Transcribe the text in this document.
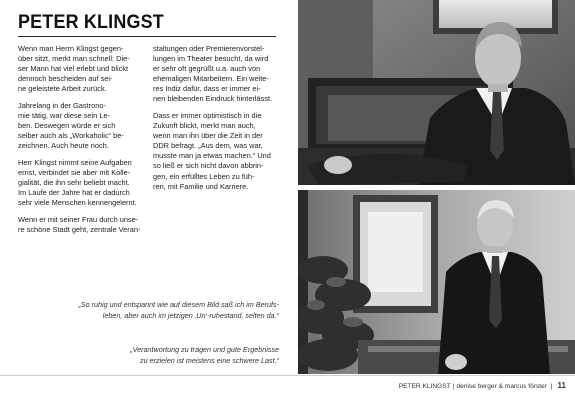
PETER KLINGST

Wenn man Herrn Klingst gegen-
über sitzt, merkt man schnell: Die-
ser Mann hat viel erlebt und blickt
dennoch bescheiden auf sei-
ne geleistete Arbeit zurück.

Jahrelang in der Gastrono-
mie tätig, war diese sein Le-
ben. Deswegen würde er sich
selber auch als „Workaholic“ be-
zeichnen. Auch heute noch.

Herr Klingst nimmt seine Aufgaben
ernst, verbindet sie aber mit Kolle-
gialität, die ihn sehr beliebt macht.
Im Laufe der Jahre hat er dadurch
sehr viele Menschen kennengelernt.

Wenn er mit seiner Frau durch unse-
re schöne Stadt geht, zentrale Veran-

staltungen oder Premierenvorstel-
lungen im Theater besucht, da wird
er sehr oft gegrüßt u.a. auch von
ehemaligen Mitarbeitern. Ein weite-
res Indiz dafür, dass er immer ei-
nen bleibenden Eindruck hinterlässt.

Dass er immer optimistisch in die
Zukunft blickt, merkt man auch,
wenn man ihn über die Zeit in der
DDR befragt. „Aus dem, was war,
musste man ja etwas machen.“ Und
so ließ er sich nicht davon abbrin-
gen, ein erfülltes Leben zu füh-
ren, mit Familie und Karriere.

„So ruhig und entspannt wie auf diesem Bild saß ich im Berufs-
leben, aber auch im jetzigen ‚Un‘-ruhestand, selten da.“
„Verantwortung zu tragen und gute Ergebnisse
zu erzielen ist meistens eine schwere Last.“
PETER KLINGST | denise berger & marcus förster | 11
